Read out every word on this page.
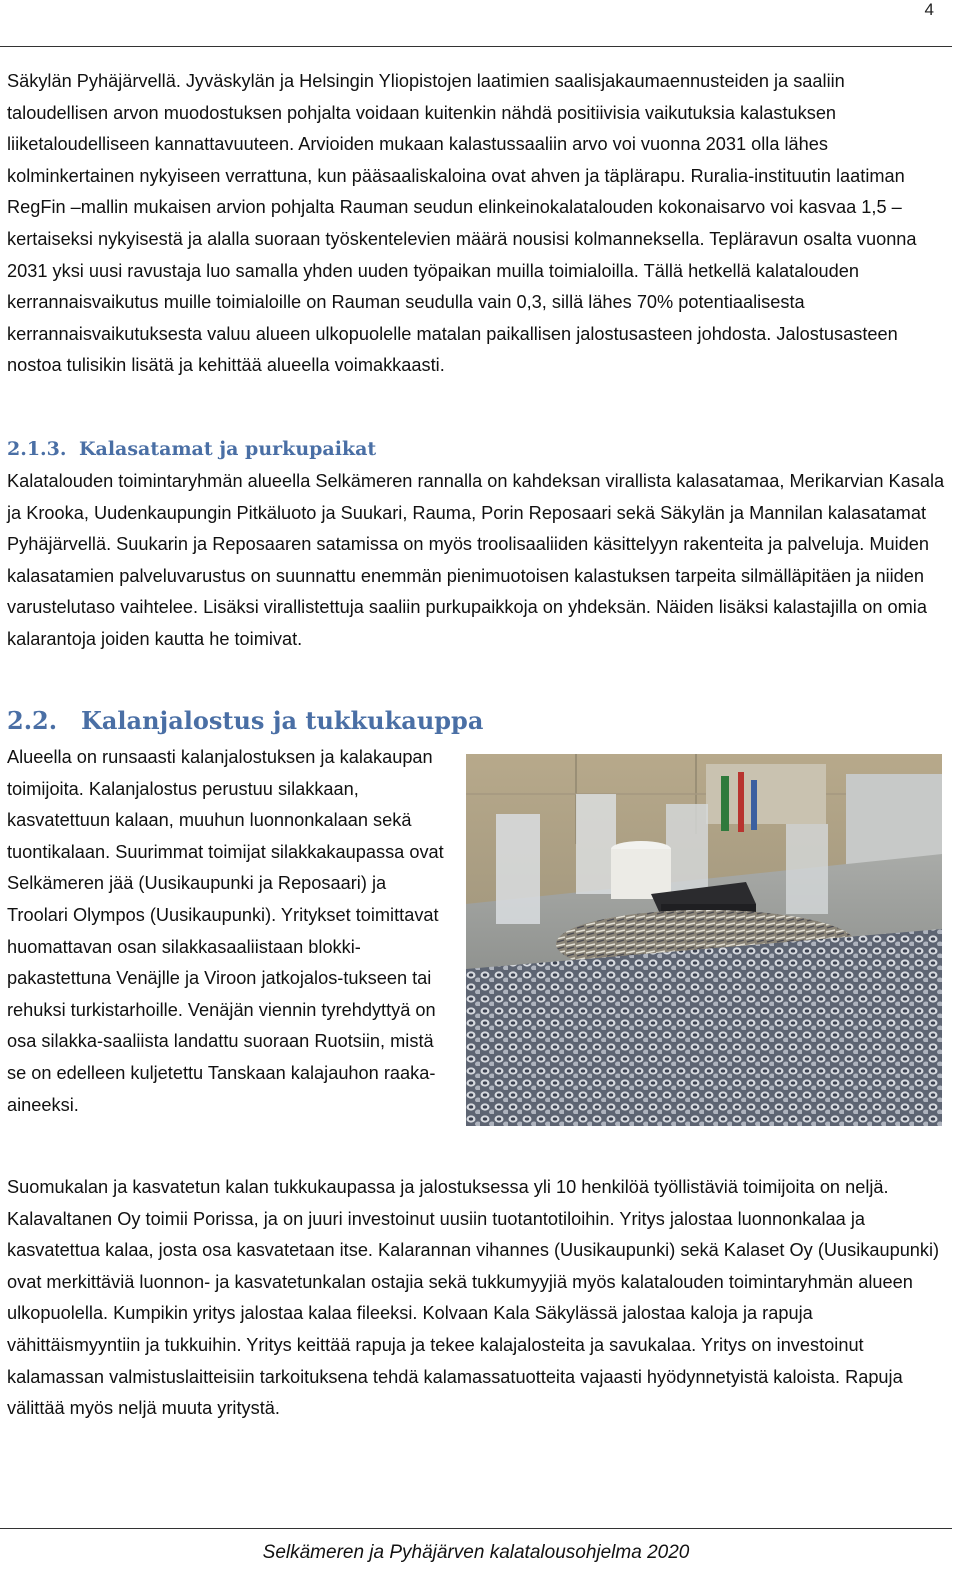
4

Säkylän Pyhäjärvellä. Jyväskylän ja Helsingin Yliopistojen laatimien saalisjakaumaennusteiden ja saaliin taloudellisen arvon muodostuksen pohjalta voidaan kuitenkin nähdä positiivisia vaikutuksia kalastuksen liiketaloudelliseen kannattavuuteen. Arvioiden mukaan kalastussaaliin arvo voi vuonna 2031 olla lähes kolminkertainen nykyiseen verrattuna, kun pääsaaliskaloina ovat ahven ja täplärapu. Ruralia-instituutin laatiman RegFin –mallin mukaisen arvion pohjalta Rauman seudun elinkeinokalatalouden kokonaisarvo voi kasvaa 1,5 –kertaiseksi nykyisestä ja alalla suoraan työskentelevien määrä nousisi kolmanneksella. Tepläravun osalta vuonna 2031 yksi uusi ravustaja luo samalla yhden uuden työpaikan muilla toimialoilla. Tällä hetkellä kalatalouden kerrannaisvaikutus muille toimialoille on Rauman seudulla vain 0,3, sillä lähes 70% potentiaalisesta kerrannaisvaikutuksesta valuu alueen ulkopuolelle matalan paikallisen jalostusasteen johdosta. Jalostusasteen nostoa tulisikin lisätä ja kehittää alueella voimakkaasti.

2.1.3. Kalasatamat ja purkupaikat

Kalatalouden toimintaryhmän alueella Selkämeren rannalla on kahdeksan virallista kalasatamaa, Merikarvian Kasala ja Krooka, Uudenkaupungin Pitkäluoto ja Suukari, Rauma, Porin Reposaari sekä Säkylän ja Mannilan kalasatamat Pyhäjärvellä. Suukarin ja Reposaaren satamissa on myös troolisaaliiden käsittelyyn rakenteita ja palveluja. Muiden kalasatamien palveluvarustus on suunnattu enemmän pienimuotoisen kalastuksen tarpeita silmälläpitäen ja niiden varustelutaso vaihtelee. Lisäksi virallistettuja saaliin purkupaikkoja on yhdeksän. Näiden lisäksi kalastajilla on omia kalarantoja joiden kautta he toimivat.

2.2. Kalanjalostus ja tukkukauppa

Alueella on runsaasti kalanjalostuksen ja kalakaupan toimijoita. Kalanjalostus perustuu silakkaan, kasvatettuun kalaan, muuhun luonnonkalaan sekä tuontikalaan. Suurimmat toimijat silakkakaupassa ovat Selkämeren jää (Uusikaupunki ja Reposaari) ja Troolari Olympos (Uusikaupunki). Yritykset toimittavat huomattavan osan silakkasaaliistaan blokki-pakastettuna Venäjlle ja Viroon jatkojalos-tukseen tai rehuksi turkistarhoille. Venäjän viennin tyrehdyttyä on osa silakka-saaliista landattu suoraan Ruotsiin, mistä se on edelleen kuljetettu Tanskaan kalajauhon raaka-aineeksi.

Suomukalan ja kasvatetun kalan tukkukaupassa ja jalostuksessa yli 10 henkilöä työllistäviä toimijoita on neljä. Kalavaltanen Oy toimii Porissa, ja on juuri investoinut uusiin tuotantotiloihin. Yritys jalostaa luonnonkalaa ja kasvatettua kalaa, josta osa kasvatetaan itse. Kalarannan vihannes (Uusikaupunki) sekä Kalaset Oy (Uusikaupunki) ovat merkittäviä luonnon- ja kasvatetunkalan ostajia sekä tukkumyyjiä myös kalatalouden toimintaryhmän alueen ulkopuolella. Kumpikin yritys jalostaa kalaa fileeksi. Kolvaan Kala Säkylässä jalostaa kaloja ja rapuja vähittäismyyntiin ja tukkuihin. Yritys keittää rapuja ja tekee kalajalosteita ja savukalaa. Yritys on investoinut kalamassan valmistuslaitteisiin tarkoituksena tehdä kalamassatuotteita vajaasti hyödynnetyistä kaloista. Rapuja välittää myös neljä muuta yritystä.

Selkämeren ja Pyhäjärven kalatalousohjelma 2020
